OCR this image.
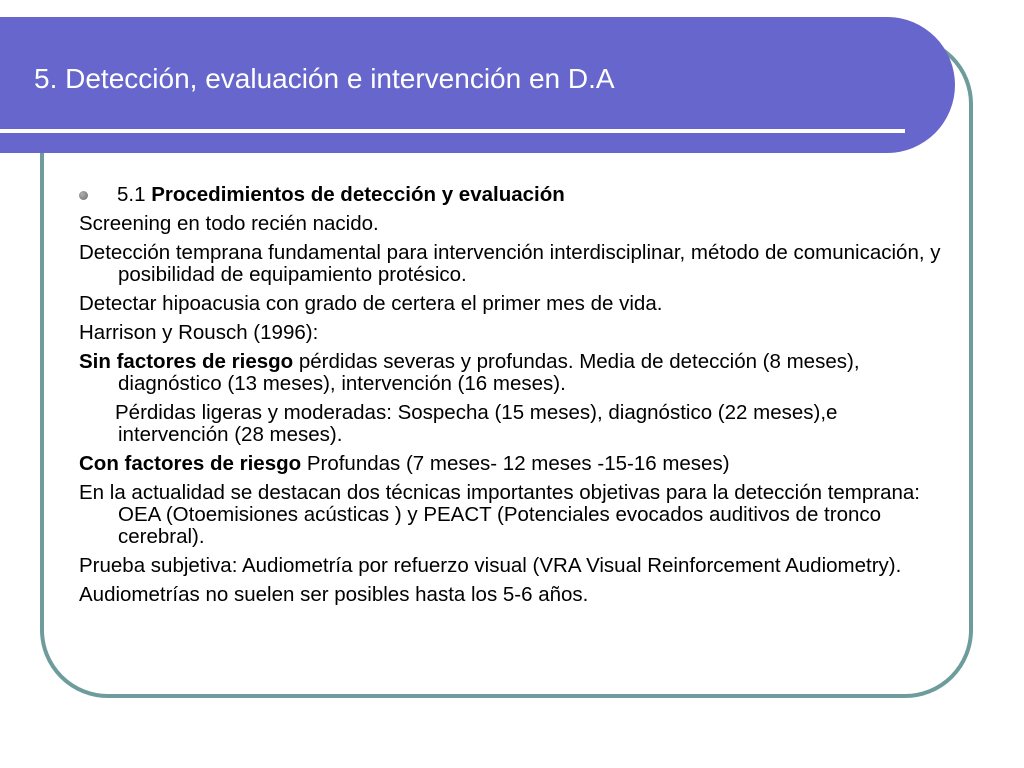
5. Detección, evaluación e intervención en D.A
5.1 Procedimientos de detección y evaluación

Screening en todo recién nacido.

Detección temprana fundamental para intervención interdisciplinar, método de comunicación, y posibilidad de equipamiento protésico.

Detectar hipoacusia con grado de certera el primer mes de vida.

Harrison y Rousch (1996):

Sin factores de riesgo pérdidas severas y profundas. Media de detección (8 meses), diagnóstico (13 meses), intervención (16 meses).

Pérdidas ligeras y moderadas: Sospecha (15 meses), diagnóstico (22 meses),e intervención (28 meses).

Con factores de riesgo Profundas (7 meses- 12 meses -15-16 meses)

En la actualidad se destacan dos técnicas importantes objetivas para la detección temprana: OEA (Otoemisiones acústicas ) y PEACT (Potenciales evocados auditivos de tronco cerebral).

Prueba subjetiva: Audiometría por refuerzo visual (VRA Visual Reinforcement Audiometry).

Audiometrías no suelen ser posibles hasta los 5-6 años.
